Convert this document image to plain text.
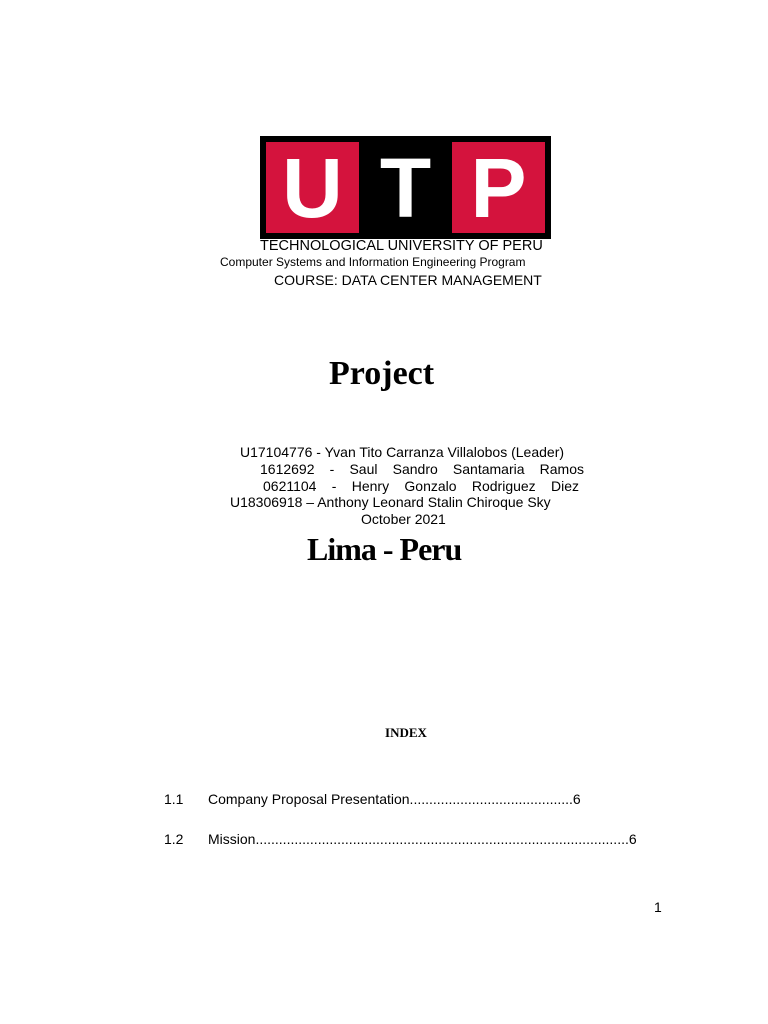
U T P
TECHNOLOGICAL UNIVERSITY OF PERU
Computer Systems and Information Engineering Program
COURSE: DATA CENTER MANAGEMENT
Project
U17104776 - Yvan Tito Carranza Villalobos (Leader)
1612692 - Saul Sandro Santamaria Ramos
0621104 - Henry Gonzalo Rodriguez Diez
U18306918 – Anthony Leonard Stalin Chiroque Sky
October 2021
Lima - Peru
INDEX
1.1 Company Proposal Presentation..........................................6
1.2 Mission................................................................................................6
1
